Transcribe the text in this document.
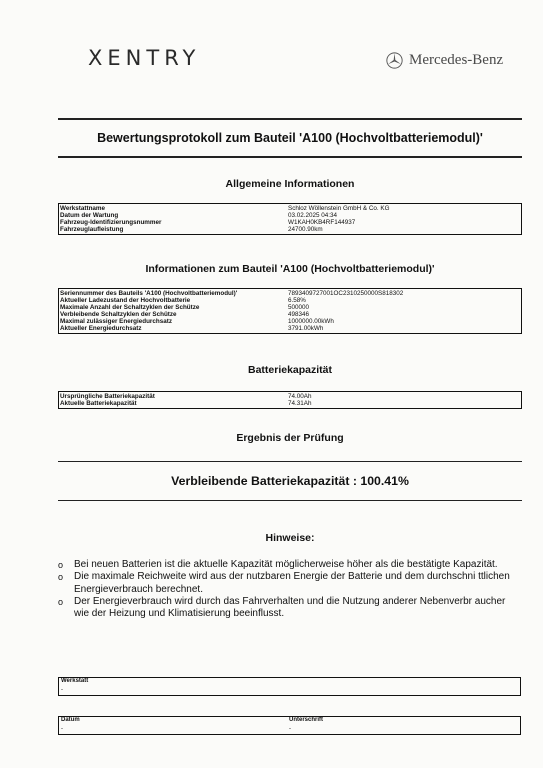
XENTRY	Mercedes-Benz
Bewertungsprotokoll zum Bauteil 'A100 (Hochvoltbatteriemodul)'
Allgemeine Informationen
Werkstattname	Schloz Wöllenstein GmbH & Co. KG
Datum der Wartung	03.02.2025 04:34
Fahrzeug-Identifizierungsnummer	W1KAH0KB4RF144937
Fahrzeuglaufleistung	24700.90km
Informationen zum Bauteil 'A100 (Hochvoltbatteriemodul)'
Seriennummer des Bauteils 'A100 (Hochvoltbatteriemodul)'	7893409727001OC2310250000S818302
Aktueller Ladezustand der Hochvoltbatterie	6.58%
Maximale Anzahl der Schaltzyklen der Schütze	500000
Verbleibende Schaltzyklen der Schütze	498346
Maximal zulässiger Energiedurchsatz	1000000.00kWh
Aktueller Energiedurchsatz	3791.00kWh
Batteriekapazität
Ursprüngliche Batteriekapazität	74.00Ah
Aktuelle Batteriekapazität	74.31Ah
Ergebnis der Prüfung
Verbleibende Batteriekapazität : 100.41%
Hinweise:
o	Bei neuen Batterien ist die aktuelle Kapazität möglicherweise höher als die bestätigte Kapazität.
o	Die maximale Reichweite wird aus der nutzbaren Energie der Batterie und dem durchschni ttlichen Energieverbrauch berechnet.
o	Der Energieverbrauch wird durch das Fahrverhalten und die Nutzung anderer Nebenverbr aucher wie der Heizung und Klimatisierung beeinflusst.
Werkstatt
-
Datum
-
Unterschrift
-
